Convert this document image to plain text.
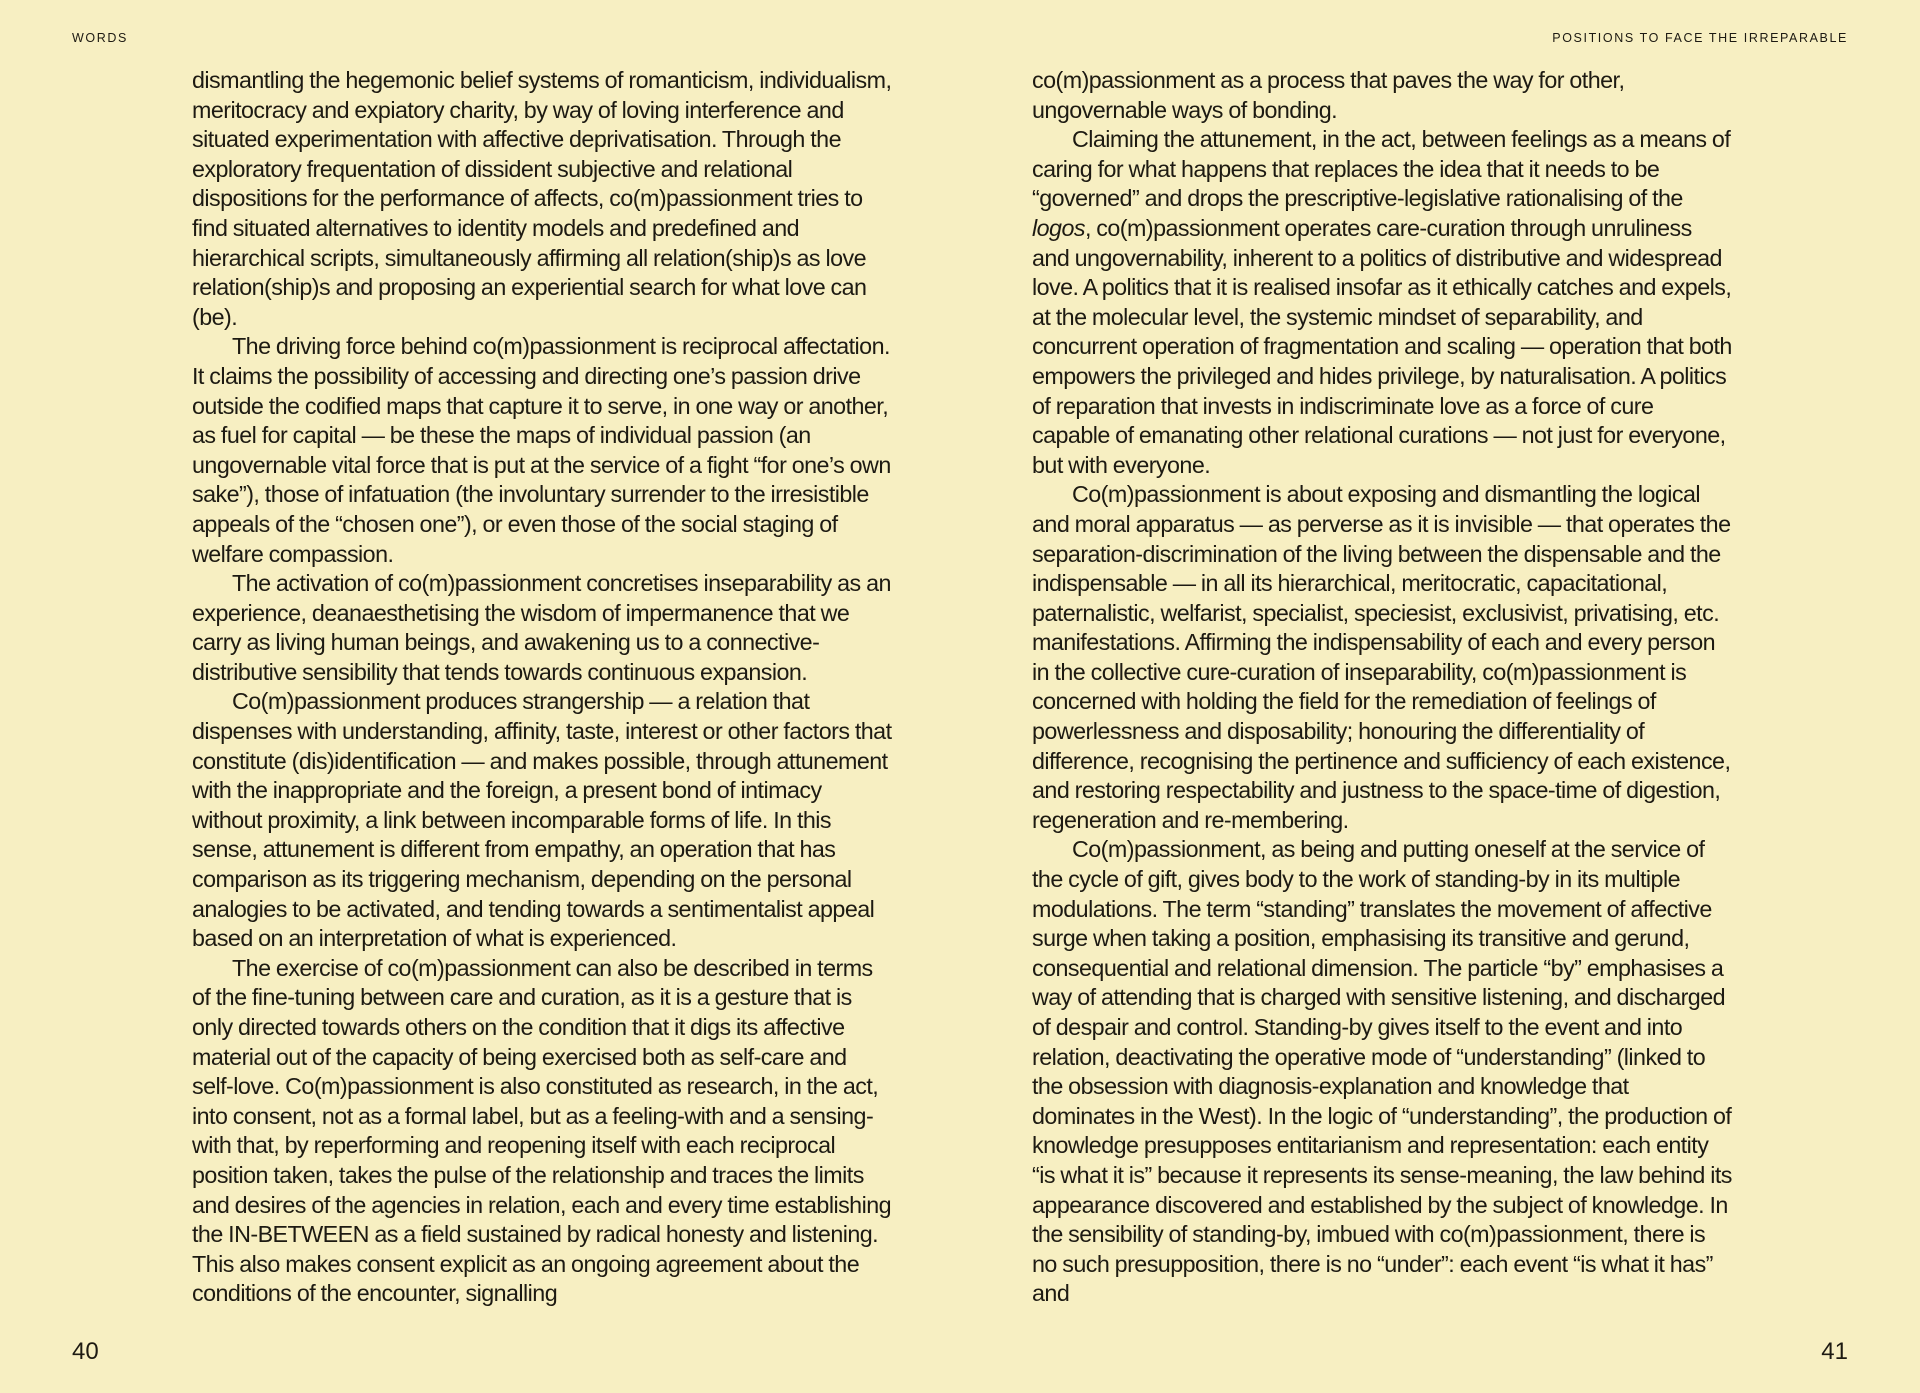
WORDS	POSITIONS TO FACE THE IRREPARABLE

dismantling the hegemonic belief systems of romanticism, individualism, meritocracy and expiatory charity, by way of loving interference and situated experimentation with affective deprivatisation. Through the exploratory frequentation of dissident subjective and relational dispositions for the performance of affects, co(m)passionment tries to find situated alternatives to identity models and predefined and hierarchical scripts, simultaneously affirming all relation(ship)s as love relation(ship)s and proposing an experiential search for what love can (be).

The driving force behind co(m)passionment is reciprocal affectation. It claims the possibility of accessing and directing one’s passion drive outside the codified maps that capture it to serve, in one way or another, as fuel for capital — be these the maps of individual passion (an ungovernable vital force that is put at the service of a fight “for one’s own sake”), those of infatuation (the involuntary surrender to the irresistible appeals of the “chosen one”), or even those of the social staging of welfare compassion.

The activation of co(m)passionment concretises inseparability as an experience, deanaesthetising the wisdom of impermanence that we carry as living human beings, and awakening us to a connective-distributive sensibility that tends towards continuous expansion.

Co(m)passionment produces strangership — a relation that dispenses with understanding, affinity, taste, interest or other factors that constitute (dis)identification — and makes possible, through attunement with the inappropriate and the foreign, a present bond of intimacy without proximity, a link between incomparable forms of life. In this sense, attunement is different from empathy, an operation that has comparison as its triggering mechanism, depending on the personal analogies to be activated, and tending towards a sentimentalist appeal based on an interpretation of what is experienced.

The exercise of co(m)passionment can also be described in terms of the fine-tuning between care and curation, as it is a gesture that is only directed towards others on the condition that it digs its affective material out of the capacity of being exercised both as self-care and self-love. Co(m)passionment is also constituted as research, in the act, into consent, not as a formal label, but as a feeling-with and a sensing-with that, by reperforming and reopening itself with each reciprocal position taken, takes the pulse of the relationship and traces the limits and desires of the agencies in relation, each and every time establishing the IN-BETWEEN as a field sustained by radical honesty and listening. This also makes consent explicit as an ongoing agreement about the conditions of the encounter, signalling

co(m)passionment as a process that paves the way for other, ungovernable ways of bonding.

Claiming the attunement, in the act, between feelings as a means of caring for what happens that replaces the idea that it needs to be “governed” and drops the prescriptive-legislative rationalising of the logos, co(m)passionment operates care-curation through unruliness and ungovernability, inherent to a politics of distributive and widespread love. A politics that it is realised insofar as it ethically catches and expels, at the molecular level, the systemic mindset of separability, and concurrent operation of fragmentation and scaling — operation that both empowers the privileged and hides privilege, by naturalisation. A politics of reparation that invests in indiscriminate love as a force of cure capable of emanating other relational curations — not just for everyone, but with everyone.

Co(m)passionment is about exposing and dismantling the logical and moral apparatus — as perverse as it is invisible — that operates the separation-discrimination of the living between the dispensable and the indispensable — in all its hierarchical, meritocratic, capacitational, paternalistic, welfarist, specialist, speciesist, exclusivist, privatising, etc. manifestations. Affirming the indispensability of each and every person in the collective cure-curation of inseparability, co(m)passionment is concerned with holding the field for the remediation of feelings of powerlessness and disposability; honouring the differentiality of difference, recognising the pertinence and sufficiency of each existence, and restoring respectability and justness to the space-time of digestion, regeneration and re-membering.

Co(m)passionment, as being and putting oneself at the service of the cycle of gift, gives body to the work of standing-by in its multiple modulations. The term “standing” translates the movement of affective surge when taking a position, emphasising its transitive and gerund, consequential and relational dimension. The particle “by” emphasises a way of attending that is charged with sensitive listening, and discharged of despair and control. Standing-by gives itself to the event and into relation, deactivating the operative mode of “understanding” (linked to the obsession with diagnosis-explanation and knowledge that dominates in the West). In the logic of “understanding”, the production of knowledge presupposes entitarianism and representation: each entity “is what it is” because it represents its sense-meaning, the law behind its appearance discovered and established by the subject of knowledge. In the sensibility of standing-by, imbued with co(m)passionment, there is no such presupposition, there is no “under”: each event “is what it has” and

40	41
